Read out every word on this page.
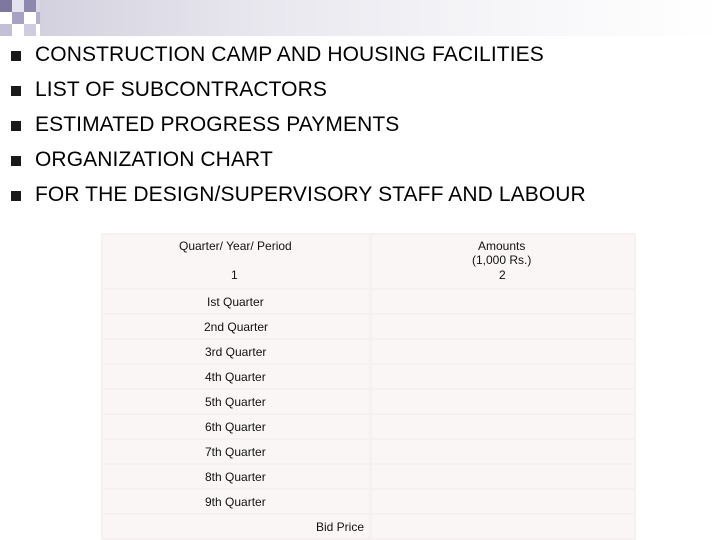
CONSTRUCTION CAMP AND HOUSING FACILITIES
LIST OF SUBCONTRACTORS
ESTIMATED PROGRESS PAYMENTS
ORGANIZATION CHART
FOR THE DESIGN/SUPERVISORY STAFF AND LABOUR
Quarter/ Year/ Period
1
Amounts
(1,000 Rs.)
2
Ist Quarter
2nd Quarter
3rd Quarter
4th Quarter
5th Quarter
6th Quarter
7th Quarter
8th Quarter
9th Quarter
Bid Price
